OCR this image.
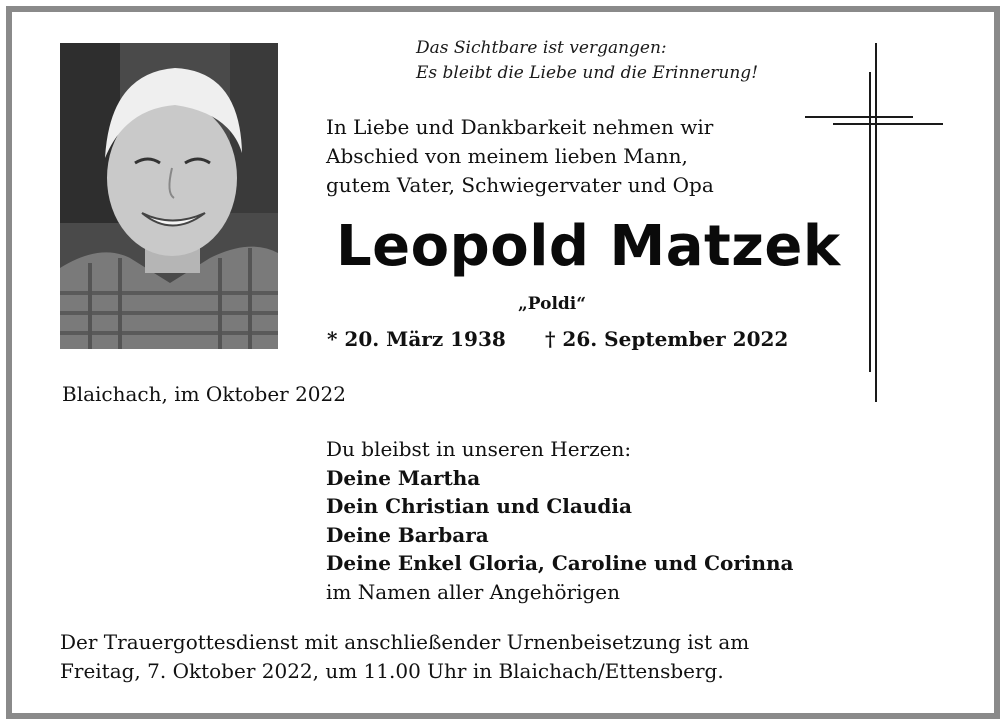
Das Sichtbare ist vergangen:
Es bleibt die Liebe und die Erinnerung!
In Liebe und Dankbarkeit nehmen wir
Abschied von meinem lieben Mann,
gutem Vater, Schwiegervater und Opa
Leopold Matzek
„Poldi“
* 20. März 1938 † 26. September 2022
Blaichach, im Oktober 2022
Du bleibst in unseren Herzen:
Deine Martha
Dein Christian und Claudia
Deine Barbara
Deine Enkel Gloria, Caroline und Corinna
im Namen aller Angehörigen
Der Trauergottesdienst mit anschließender Urnenbeisetzung ist am
Freitag, 7. Oktober 2022, um 11.00 Uhr in Blaichach/Ettensberg.
